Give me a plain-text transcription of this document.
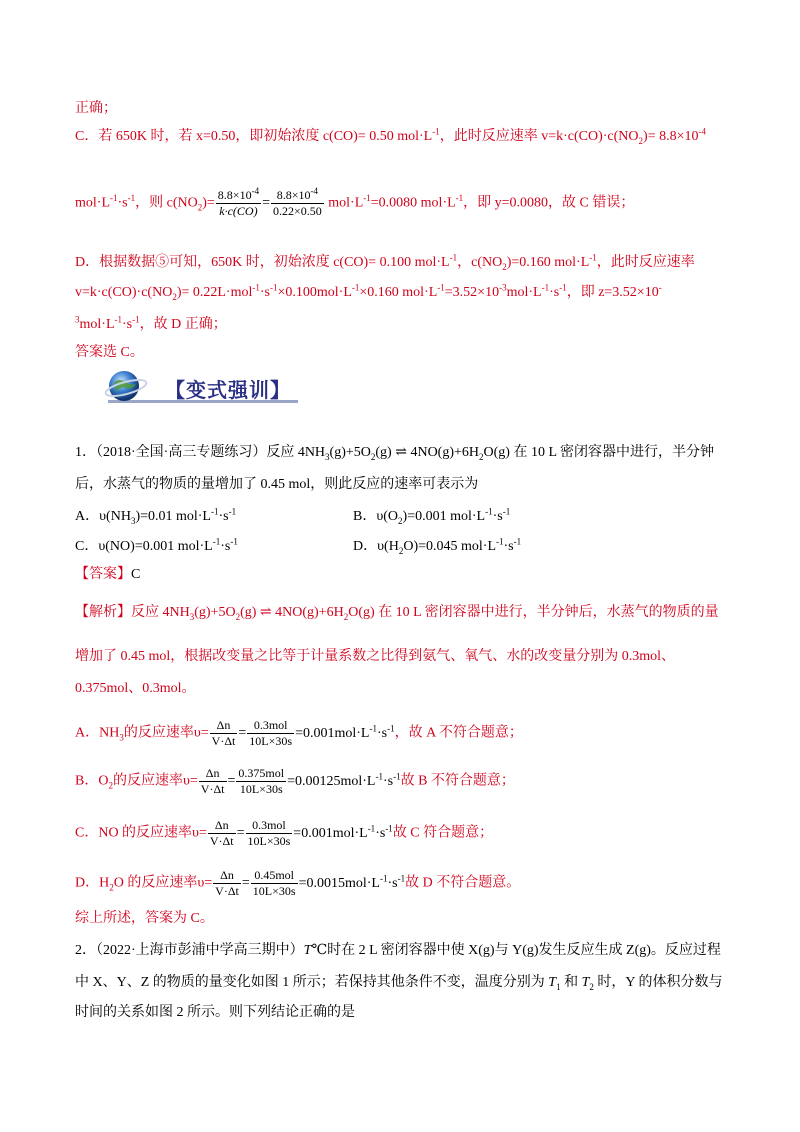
正确；
C．若 650K 时，若 x=0.50，即初始浓度 c(CO)= 0.50 $mol\cdot L^{-1}$，此时反应速率 $v=k\cdot c(CO)\cdot c(NO_2)= 8.8\times 10^{-4}$
$mol\cdot L^{-1}\cdot s^{-1}$，则 $c(NO_2)= \frac{8.8\times 10^{-4}}{k\cdot c(CO)} = \frac{8.8\times 10^{-4}}{0.22\times 0.50} mol\cdot L^{-1}=0.0080$ $mol\cdot L^{-1}$，即 y=0.0080，故 C 错误；
D．根据数据⑤可知，650K 时，初始浓度 c(CO)= 0.100 $mol\cdot L^{-1}$，$c(NO_2)=0.160$ $mol\cdot L^{-1}$，此时反应速率
$v=k\cdot c(CO)\cdot c(NO_2)= 0.22L\cdot mol^{-1}\cdot s^{-1}\times 0.100mol\cdot L^{-1}\times 0.160$ $mol\cdot L^{-1}=3.52\times 10^{-3}mol\cdot L^{-1}\cdot s^{-1}$，即 z=3.52×10-
$^3mol\cdot L^{-1}\cdot s^{-1}$，故 D 正确；
答案选 C。
【变式强训】
1．（2018·全国·高三专题练习）反应 $4NH_3(g)+5O_2(g)$ ⇌ $4NO(g)+6H_2O(g)$ 在 10 L 密闭容器中进行，半分钟
后，水蒸气的物质的量增加了 0.45 mol，则此反应的速率可表示为
A．$\upsilon(NH_3)=0.01$ $mol\cdot L^{-1}\cdot s^{-1}$	B．$\upsilon(O_2)=0.001$ $mol\cdot L^{-1}\cdot s^{-1}$
C．υ(NO)=0.001 $mol\cdot L^{-1}\cdot s^{-1}$	D．$\upsilon(H_2O)=0.045$ $mol\cdot L^{-1}\cdot s^{-1}$
【答案】C
【解析】反应 $4NH_3(g)+5O_2(g)$ ⇌ $4NO(g)+6H_2O(g)$ 在 10 L 密闭容器中进行，半分钟后，水蒸气的物质的量
增加了 0.45 mol，根据改变量之比等于计量系数之比得到氨气、氧气、水的改变量分别为 0.3mol、
0.375mol、0.3mol。
A．$NH_3$的反应速率$\upsilon= \frac{\Delta n}{V\cdot\Delta t} = \frac{\text{0.3mol}}{10L\times 30s} =0.001mol\cdot L^{-1}\cdot s^{-1}$，故 A 不符合题意；
B．$O_2$的反应速率$\upsilon= \frac{\Delta n}{V\cdot\Delta t} = \frac{\text{0.375mol}}{10L\times 30s} =0.00125mol\cdot L^{-1}\cdot s^{-1}$故 B 不符合题意；
C．NO 的反应速率$\upsilon= \frac{\Delta n}{V\cdot\Delta t} = \frac{\text{0.3mol}}{10L\times 30s} =0.001mol\cdot L^{-1}\cdot s^{-1}$故 C 符合题意；
D．$H_2O$ 的反应速率$\upsilon= \frac{\Delta n}{V\cdot\Delta t} = \frac{\text{0.45mol}}{10L\times 30s} =0.0015mol\cdot L^{-1}\cdot s^{-1}$故 D 不符合题意。
综上所述，答案为 C。
2．（2022·上海市彭浦中学高三期中）T℃时在 2 L 密闭容器中使 X(g)与 Y(g)发生反应生成 Z(g)。反应过程
中 X、Y、Z 的物质的量变化如图 1 所示；若保持其他条件不变，温度分别为 $T_1$ 和 $T_2$ 时，Y 的体积分数与
时间的关系如图 2 所示。则下列结论正确的是
